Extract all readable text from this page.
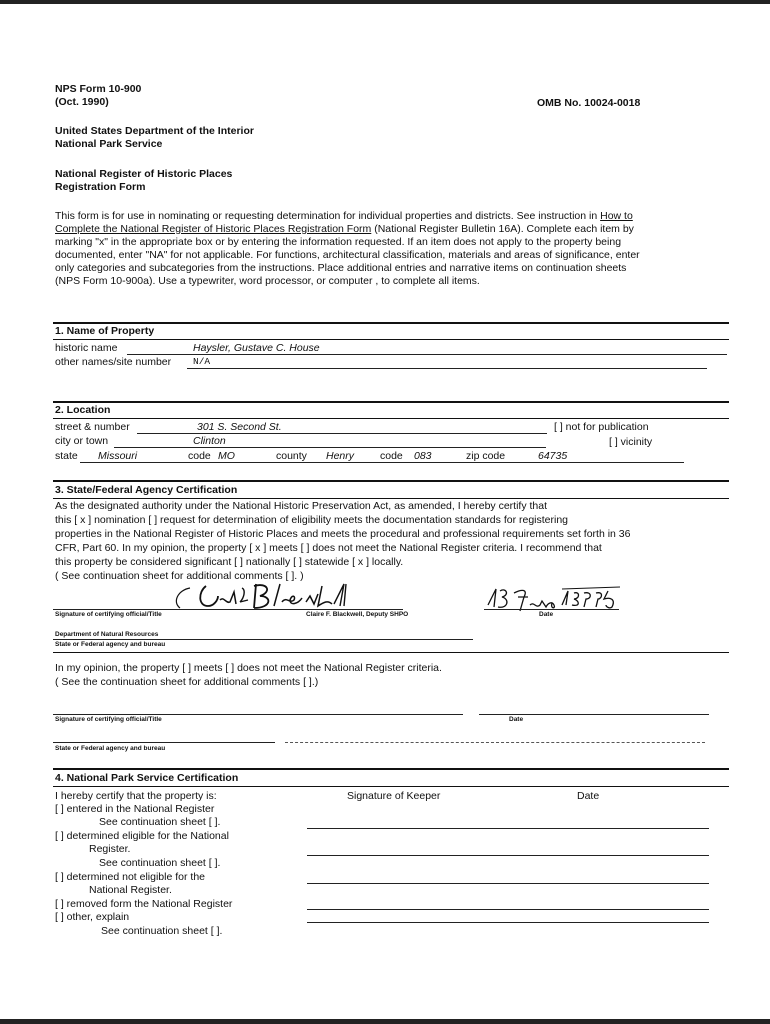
NPS Form 10-900
(Oct. 1990)	OMB No. 10024-0018
United States Department of the Interior
National Park Service
National Register of Historic Places
Registration Form
This form is for use in nominating or requesting determination for individual properties and districts. See instruction in How to
Complete the National Register of Historic Places Registration Form (National Register Bulletin 16A). Complete each item by
marking "x" in the appropriate box or by entering the information requested. If an item does not apply to the property being
documented, enter "NA" for not applicable. For functions, architectural classification, materials and areas of significance, enter
only categories and subcategories from the instructions. Place additional entries and narrative items on continuation sheets
(NPS Form 10-900a). Use a typewriter, word processor, or computer , to complete all items.
1. Name of Property
historic name	Haysler, Gustave C. House
other names/site number N/A
2. Location
street & number	301 S. Second St.	[ ] not for publication
city or town	Clinton	[ ] vicinity
state Missouri	code MO	county Henry code 083	zip code	64735
3. State/Federal Agency Certification
As the designated authority under the National Historic Preservation Act, as amended, I hereby certify that
this [ x ] nomination [ ] request for determination of eligibility meets the documentation standards for registering
properties in the National Register of Historic Places and meets the procedural and professional requirements set forth in 36
CFR, Part 60. In my opinion, the property [ x ] meets [ ] does not meet the National Register criteria. I recommend that
this property be considered significant [ ] nationally [ ] statewide [ x ] locally.
( See continuation sheet for additional comments [ ]. )
Signature of certifying official/Title	Claire F. Blackwell, Deputy SHPO	Date
Department of Natural Resources
State or Federal agency and bureau
In my opinion, the property [ ] meets [ ] does not meet the National Register criteria.
( See the continuation sheet for additional comments [ ].)
Signature of certifying official/Title	Date
State or Federal agency and bureau
4. National Park Service Certification
I hereby certify that the property is:	Signature of Keeper	Date
[ ] entered in the National Register
See continuation sheet [ ].
[ ] determined eligible for the National
Register.
See continuation sheet [ ].
[ ] determined not eligible for the
National Register.
[ ] removed form the National Register
[ ] other, explain
See continuation sheet [ ].
